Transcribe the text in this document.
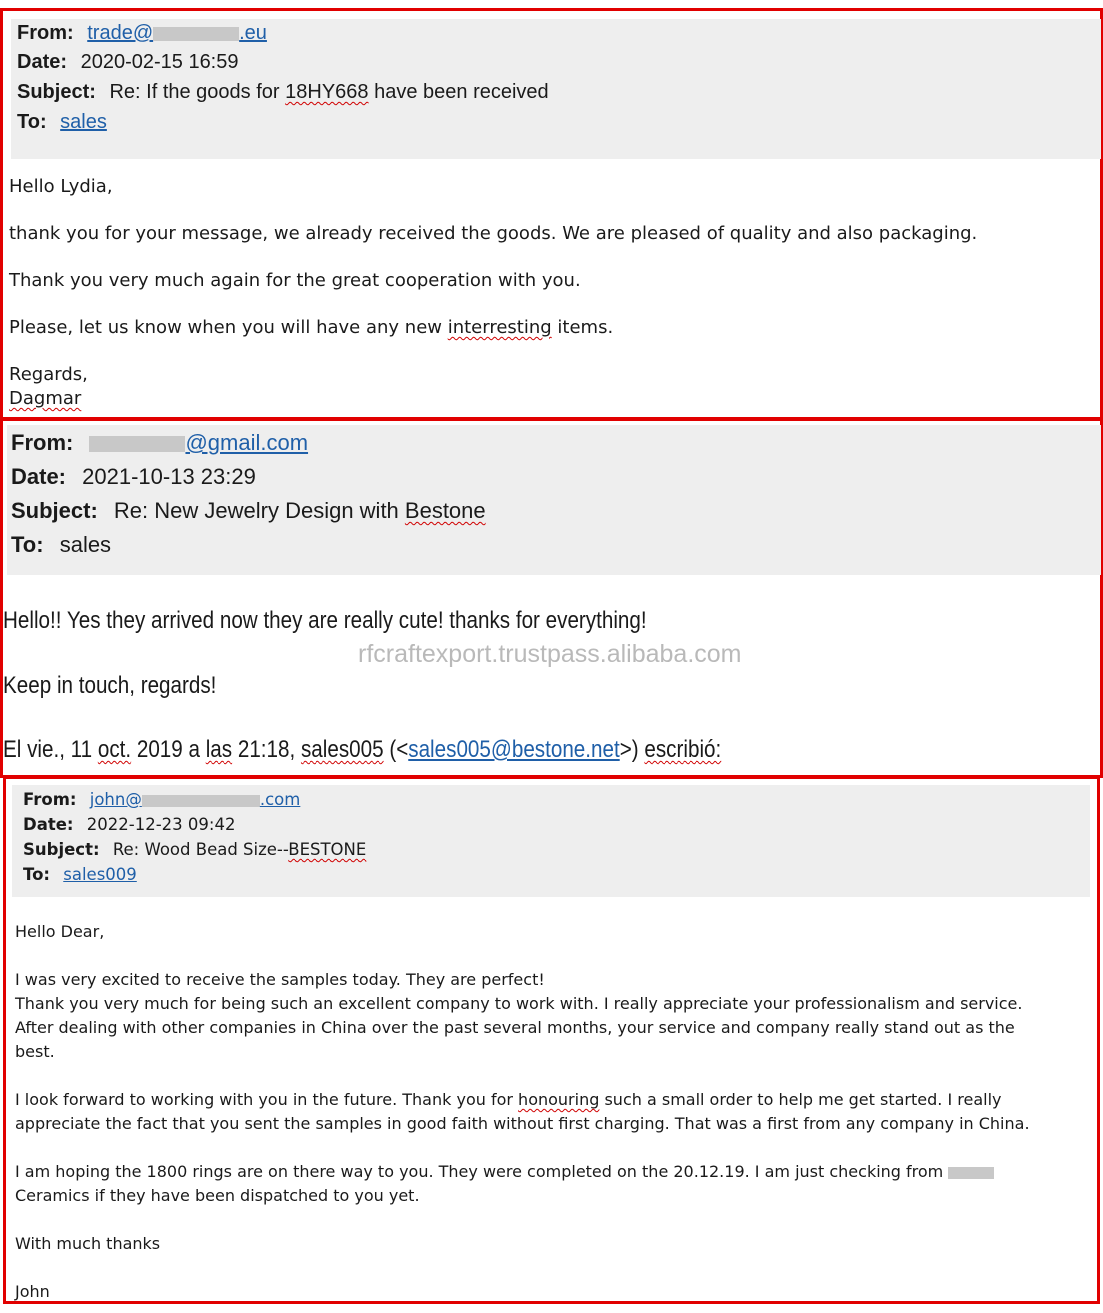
From: trade@	.eu
Date: 2020-02-15 16:59
Subject: Re: If the goods for 18HY668 have been received
To: sales
Hello Lydia,
thank you for your message, we already received the goods. We are pleased of quality and also packaging.
Thank you very much again for the great cooperation with you.
Please, let us know when you will have any new interresting items.
Regards,
Dagmar
From:	@gmail.com
Date: 2021-10-13 23:29
Subject: Re: New Jewelry Design with Bestone
To: sales
Hello!! Yes they arrived now they are really cute! thanks for everything!
Keep in touch, regards!
El vie., 11 oct. 2019 a las 21:18, sales005 (<sales005@bestone.net>) escribió:
rfcraftexport.trustpass.alibaba.com
From: john@	.com
Date: 2022-12-23 09:42
Subject: Re: Wood Bead Size--BESTONE
To: sales009
Hello Dear,
I was very excited to receive the samples today. They are perfect!
Thank you very much for being such an excellent company to work with. I really appreciate your professionalism and service.
After dealing with other companies in China over the past several months, your service and company really stand out as the
best.
I look forward to working with you in the future. Thank you for honouring such a small order to help me get started. I really
appreciate the fact that you sent the samples in good faith without first charging. That was a first from any company in China.
I am hoping the 1800 rings are on there way to you. They were completed on the 20.12.19. I am just checking from
Ceramics if they have been dispatched to you yet.
With much thanks
John
